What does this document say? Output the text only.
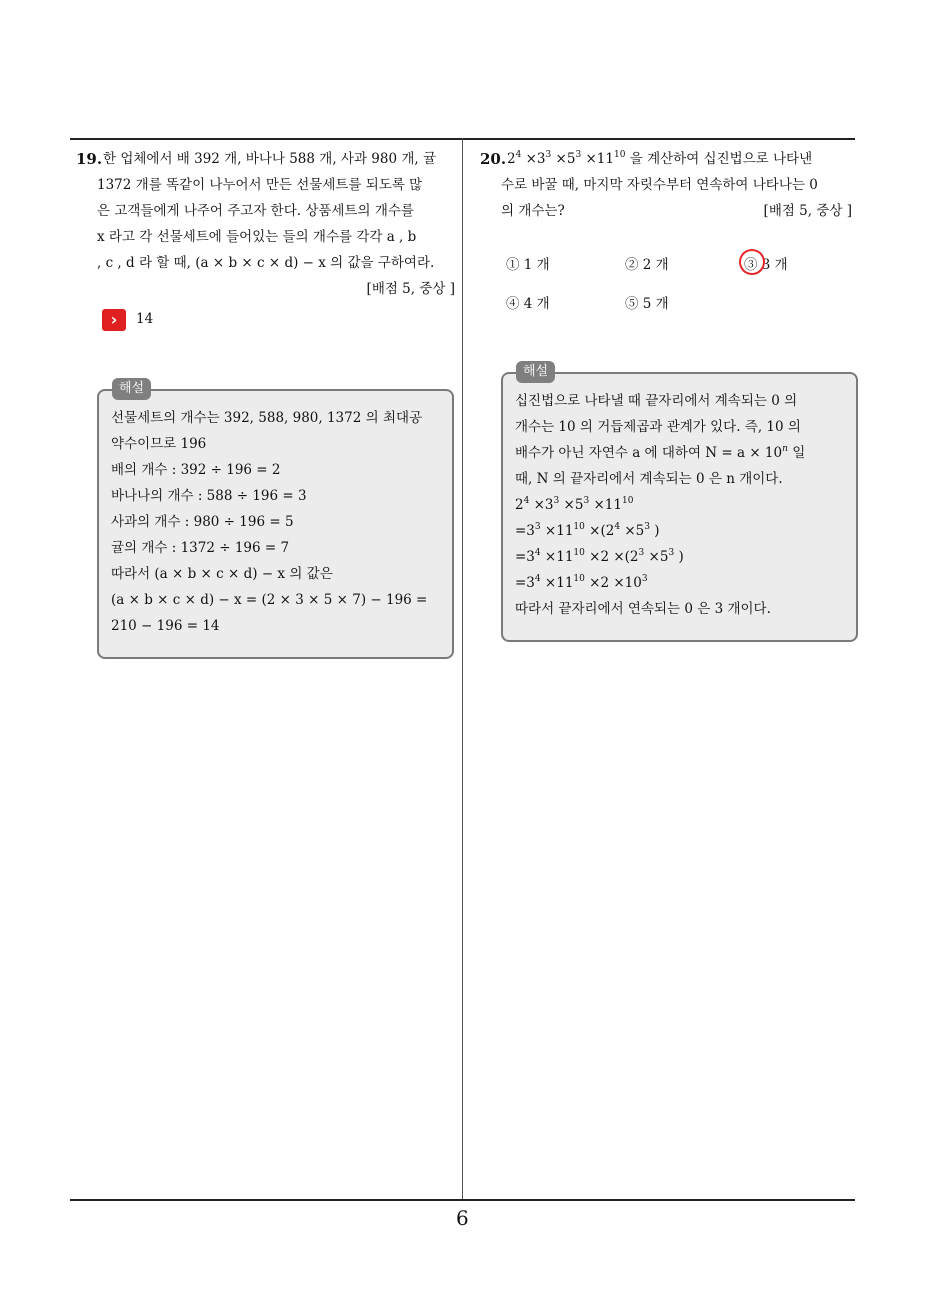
19. 한 업체에서 배 392 개, 바나나 588 개, 사과 980 개, 귤
1372 개를 똑같이 나누어서 만든 선물세트를 되도록 많
은 고객들에게 나주어 주고자 한다. 상품세트의 개수를
x 라고 각 선물세트에 들어있는 들의 개수를 각각 a , b
, c , d 라 할 때, (a × b × c × d) − x 의 값을 구하여라.
[배점 5, 중상 ]
›	14
선물세트의 개수는 392, 588, 980, 1372 의 최대공
약수이므로 196
배의 개수 : 392 ÷ 196 = 2
바나나의 개수 : 588 ÷ 196 = 3
사과의 개수 : 980 ÷ 196 = 5
귤의 개수 : 1372 ÷ 196 = 7
따라서 (a × b × c × d) − x 의 값은
(a × b × c × d) − x = (2 × 3 × 5 × 7) − 196 =
210 − 196 = 14
해설
20. $2^4 \times 3^3 \times 5^3 \times 11^{10}$ 을 계산하여 십진법으로 나타낸
수로 바꿀 때, 마지막 자릿수부터 연속하여 나타나는 0
의 개수는?	[배점 5, 중상 ]
① 1 개	② 2 개	③ 3 개
④ 4 개	⑤ 5 개
십진법으로 나타낼 때 끝자리에서 계속되는 0 의
개수는 10 의 거듭제곱과 관계가 있다. 즉, 10 의
배수가 아닌 자연수 a 에 대하여 $N = a \times 10^n$ 일
때, N 의 끝자리에서 계속되는 0 은 n 개이다.
$2^4 \times 3^3 \times 5^3 \times 11^{10}$
$=3^3 \times 11^{10} \times(2^4 \times 5^3$ )
$=3^4 \times 11^{10} \times 2 \times(2^3 \times 5^3$ )
$=3^4 \times 11^{10} \times 2 \times 10^3$
따라서 끝자리에서 연속되는 0 은 3 개이다.
해설
6
